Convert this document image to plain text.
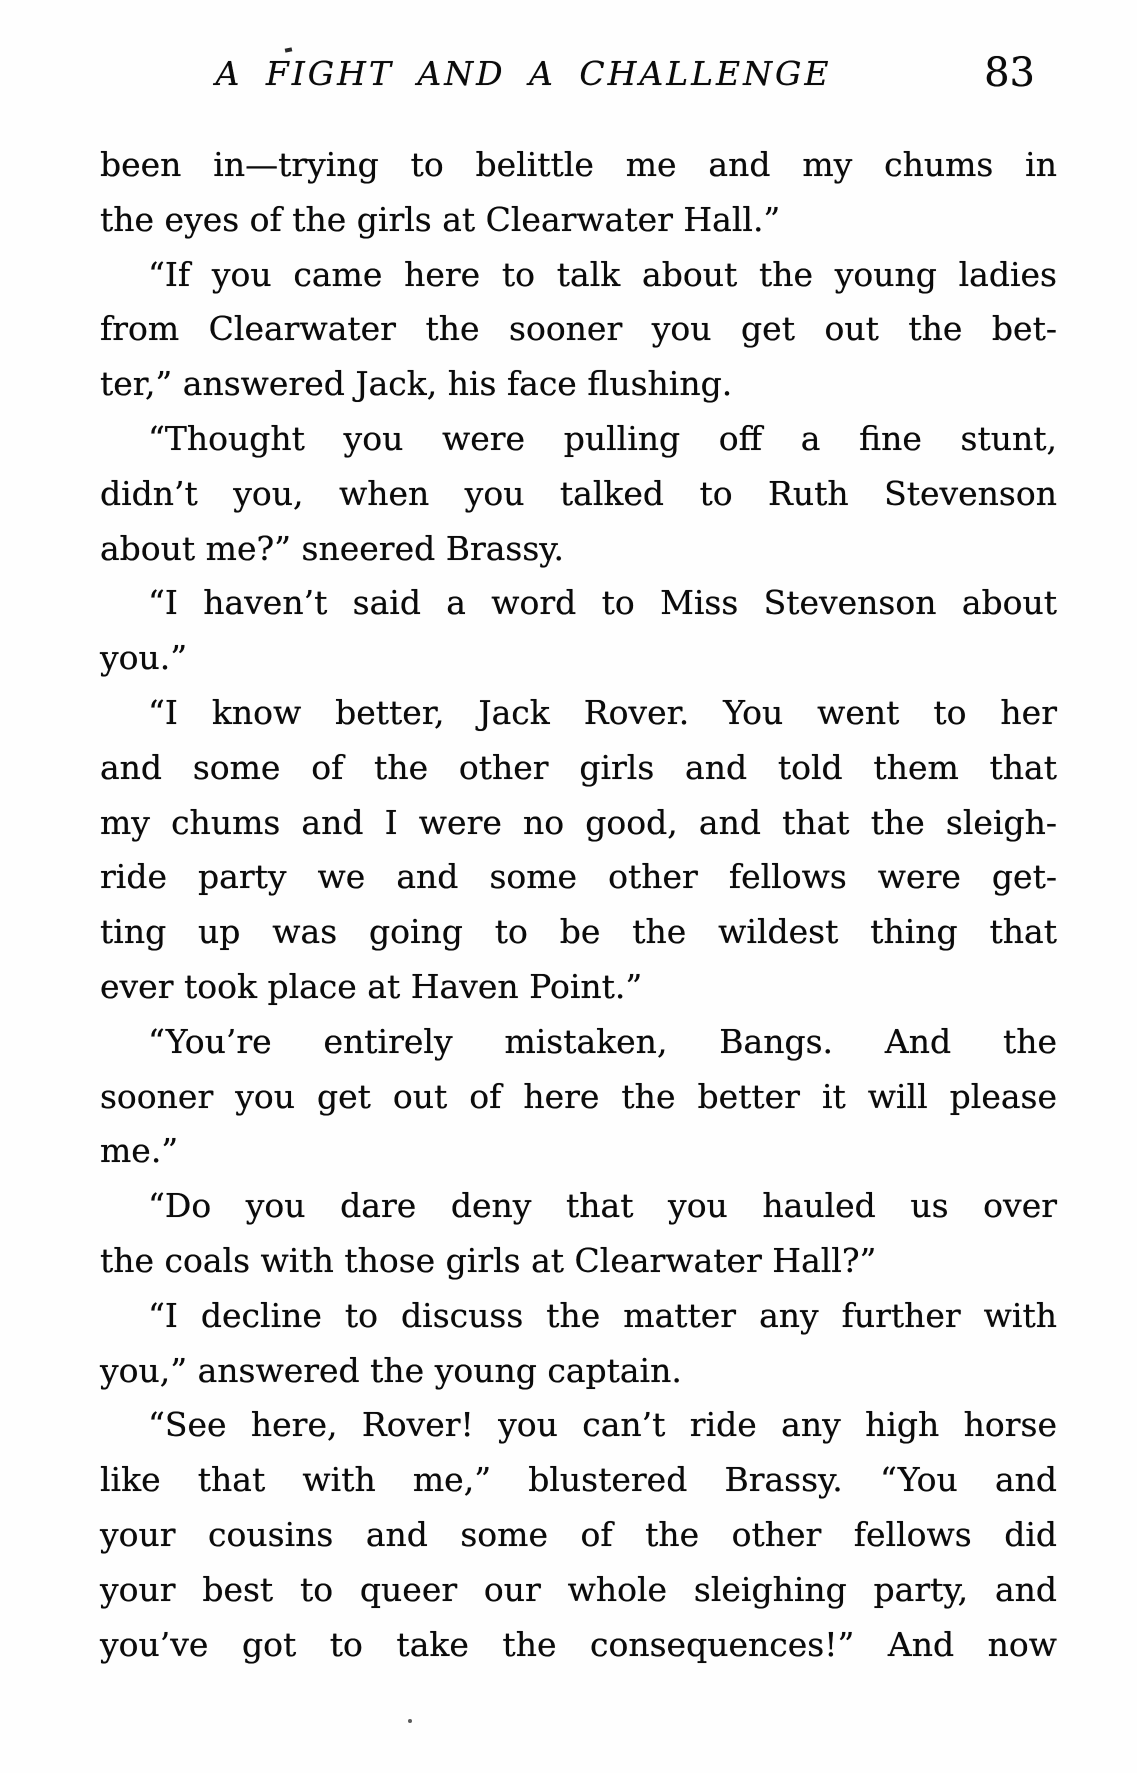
A FIGHT AND A CHALLENGE	83
been in—trying to belittle me and my chums in
the eyes of the girls at Clearwater Hall.”
“If you came here to talk about the young ladies
from Clearwater the sooner you get out the bet-
ter,” answered Jack, his face flushing.
“Thought you were pulling off a fine stunt,
didn’t you, when you talked to Ruth Stevenson
about me?” sneered Brassy.
“I haven’t said a word to Miss Stevenson about
you.”
“I know better, Jack Rover. You went to her
and some of the other girls and told them that
my chums and I were no good, and that the sleigh-
ride party we and some other fellows were get-
ting up was going to be the wildest thing that
ever took place at Haven Point.”
“You’re entirely mistaken, Bangs. And the
sooner you get out of here the better it will please
me.”
“Do you dare deny that you hauled us over
the coals with those girls at Clearwater Hall?”
“I decline to discuss the matter any further with
you,” answered the young captain.
“See here, Rover! you can’t ride any high horse
like that with me,” blustered Brassy. “You and
your cousins and some of the other fellows did
your best to queer our whole sleighing party, and
you’ve got to take the consequences!” And now
